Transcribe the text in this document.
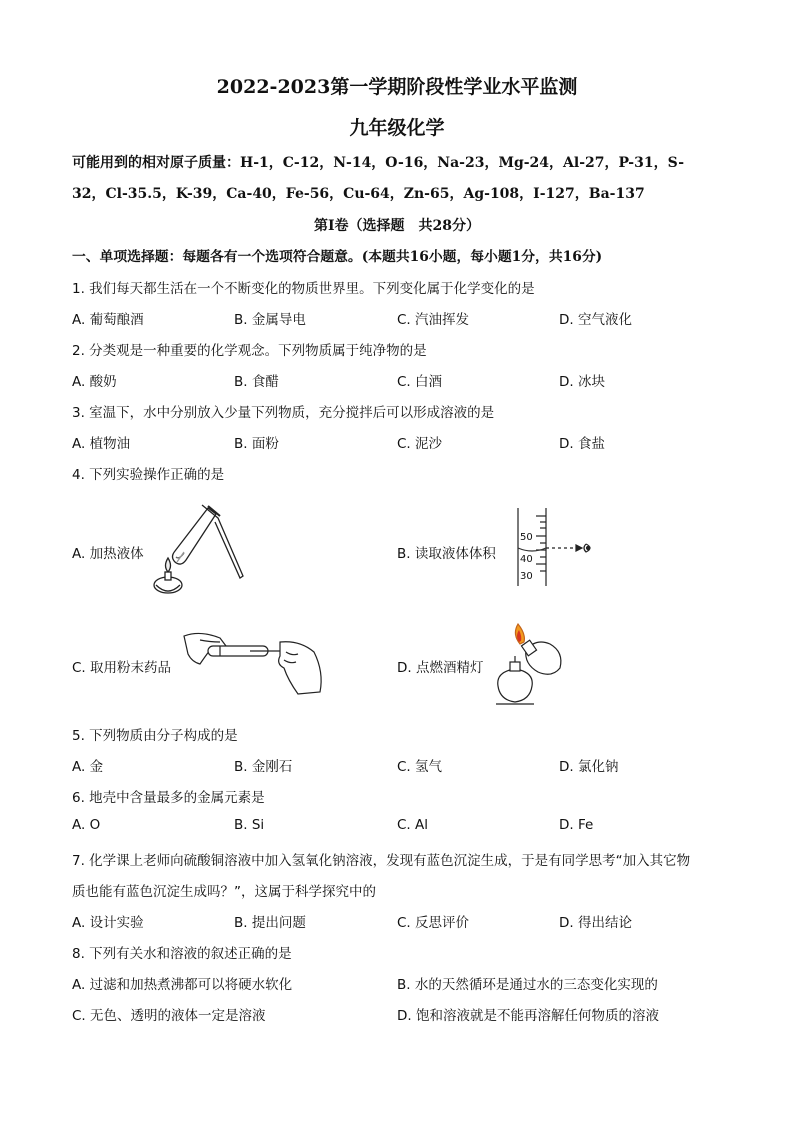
2022-2023第一学期阶段性学业水平监测
九年级化学
可能用到的相对原子质量：H-1，C-12，N-14，O-16，Na-23，Mg-24，Al-27，P-31，S-
32，Cl-35.5，K-39，Ca-40，Fe-56，Cu-64，Zn-65，Ag-108，I-127，Ba-137
第Ⅰ卷（选择题　共28分）
一、单项选择题：每题各有一个选项符合题意。(本题共16小题，每小题1分，共16分)
1. 我们每天都生活在一个不断变化的物质世界里。下列变化属于化学变化的是
A. 葡萄酿酒	B. 金属导电	C. 汽油挥发	D. 空气液化
2. 分类观是一种重要的化学观念。下列物质属于纯净物的是
A. 酸奶	B. 食醋	C. 白酒	D. 冰块
3. 室温下，水中分别放入少量下列物质，充分搅拌后可以形成溶液的是
A. 植物油	B. 面粉	C. 泥沙	D. 食盐
4. 下列实验操作正确的是
A. 加热液体	B. 读取液体体积
50
40
30
C. 取用粉末药品	D. 点燃酒精灯
5. 下列物质由分子构成的是
A. 金	B. 金刚石	C. 氢气	D. 氯化钠
6. 地壳中含量最多的金属元素是
A. O	B. Si	C. Al	D. Fe
7. 化学课上老师向硫酸铜溶液中加入氢氧化钠溶液，发现有蓝色沉淀生成，于是有同学思考“加入其它物
质也能有蓝色沉淀生成吗？”，这属于科学探究中的
A. 设计实验	B. 提出问题	C. 反思评价	D. 得出结论
8. 下列有关水和溶液的叙述正确的是
A. 过滤和加热煮沸都可以将硬水软化	B. 水的天然循环是通过水的三态变化实现的
C. 无色、透明的液体一定是溶液	D. 饱和溶液就是不能再溶解任何物质的溶液
